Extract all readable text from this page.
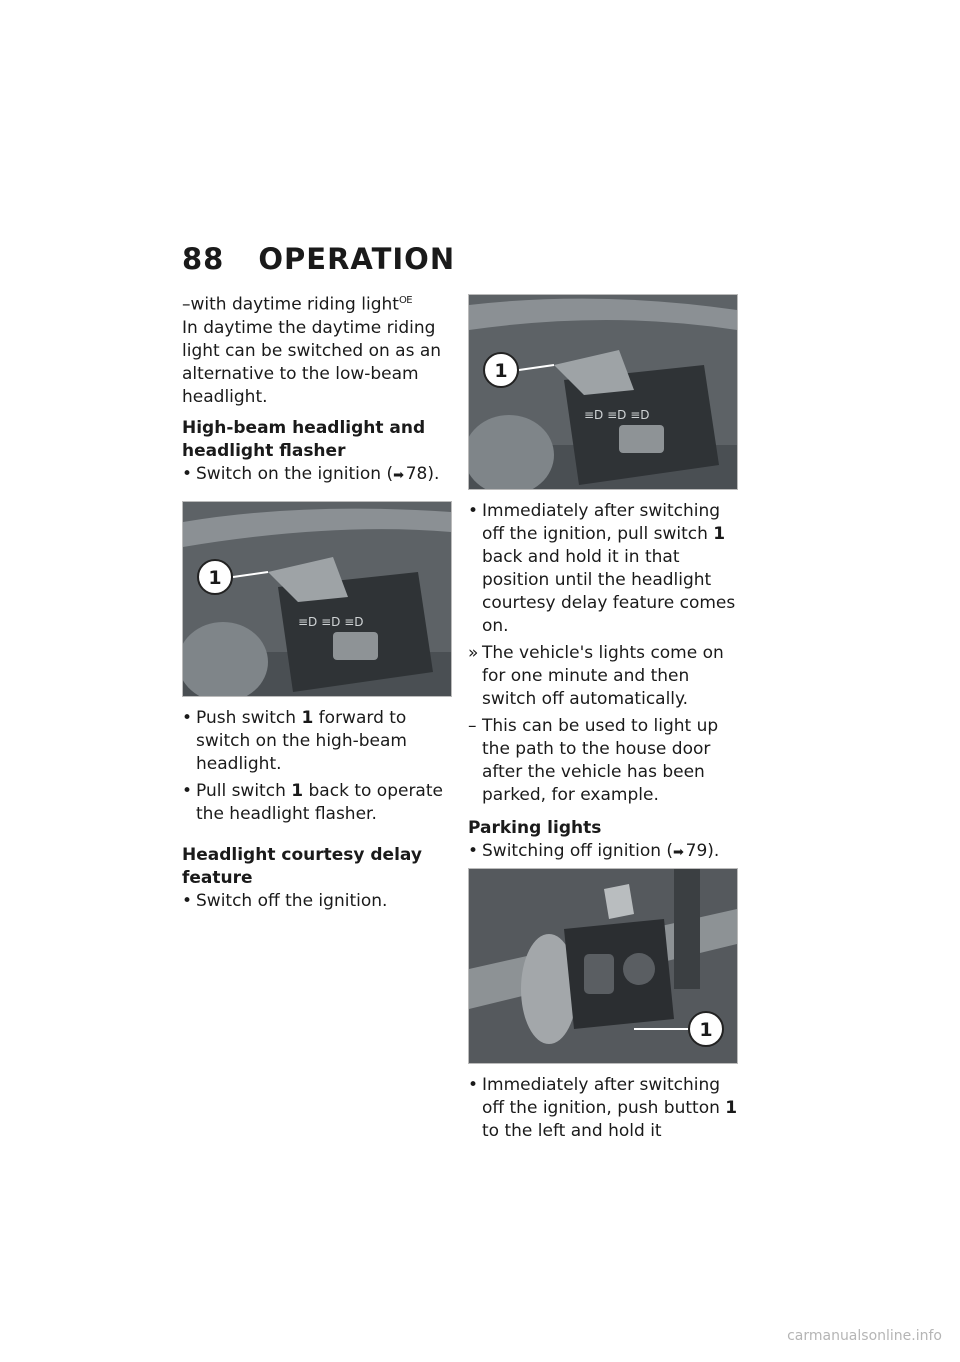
88 OPERATION

–with daytime riding light$^{OE}$
In daytime the daytime riding light can be switched on as an alternative to the low-beam headlight.

High-beam headlight and headlight flasher

• Switch on the ignition (➡  78).
≡D ≡D ≡D
1
• Push switch 1 forward to switch on the high-beam headlight.
• Pull switch 1 back to operate the headlight flasher.

Headlight courtesy delay feature

• Switch off the ignition.
≡D ≡D ≡D
1
• Immediately after switching off the ignition, pull switch 1 back and hold it in that position until the headlight courtesy delay feature comes on.
» The vehicle's lights come on for one minute and then switch off automatically.
– This can be used to light up the path to the house door after the vehicle has been parked, for example.

Parking lights

• Switching off ignition (➡  79).
1
• Immediately after switching off the ignition, push button 1 to the left and hold it
carmanualsonline.info
